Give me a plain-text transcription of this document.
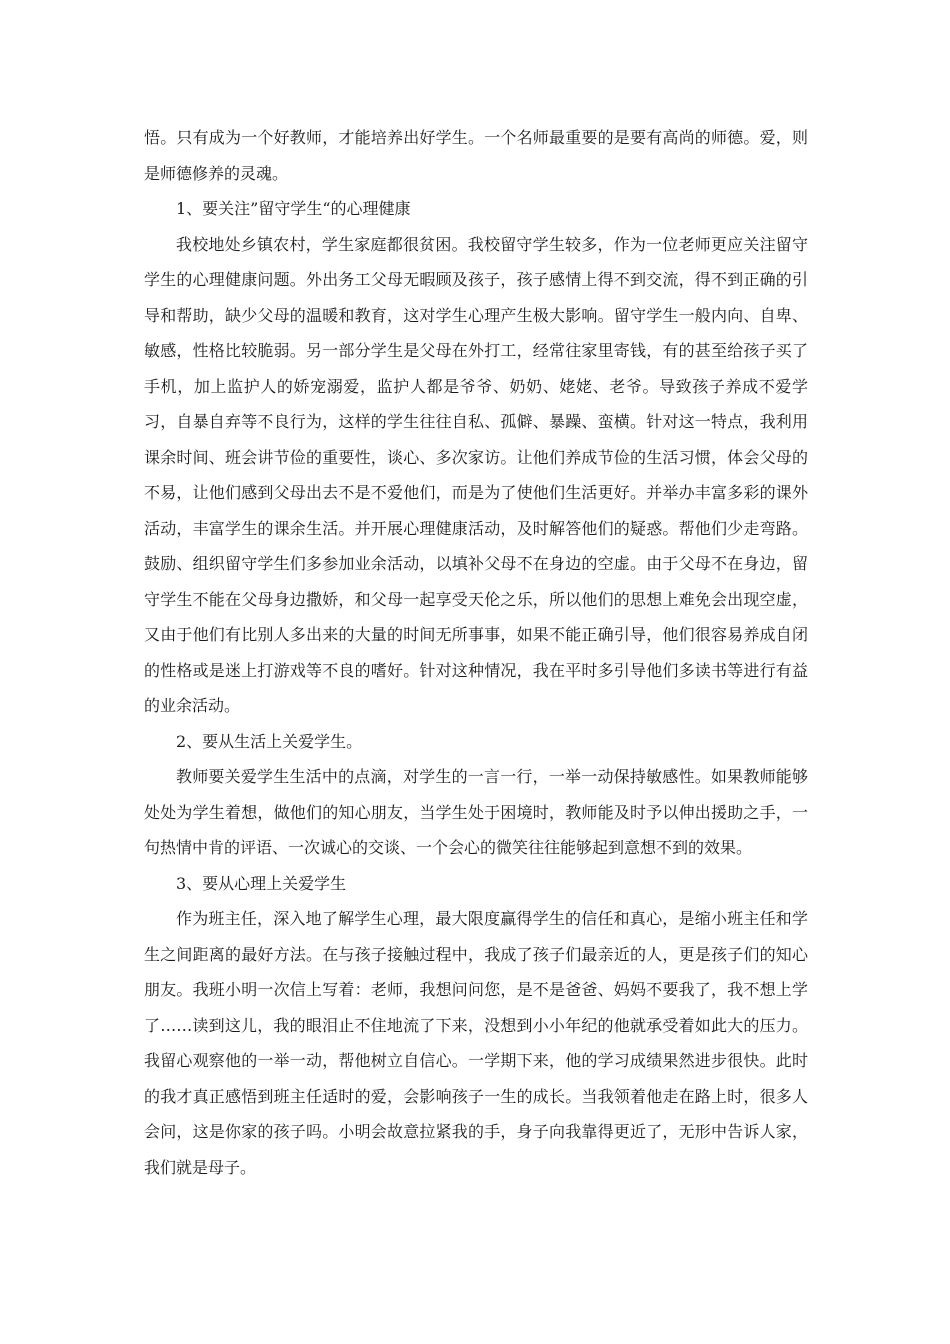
悟。只有成为一个好教师，才能培养出好学生。一个名师最重要的是要有高尚的师德。爱，则是师德修养的灵魂。

1、要关注”留守学生“的心理健康

我校地处乡镇农村，学生家庭都很贫困。我校留守学生较多，作为一位老师更应关注留守学生的心理健康问题。外出务工父母无暇顾及孩子，孩子感情上得不到交流，得不到正确的引导和帮助，缺少父母的温暖和教育，这对学生心理产生极大影响。留守学生一般内向、自卑、敏感，性格比较脆弱。另一部分学生是父母在外打工，经常往家里寄钱，有的甚至给孩子买了手机，加上监护人的娇宠溺爱，监护人都是爷爷、奶奶、姥姥、老爷。导致孩子养成不爱学习，自暴自弃等不良行为，这样的学生往往自私、孤僻、暴躁、蛮横。针对这一特点，我利用课余时间、班会讲节俭的重要性，谈心、多次家访。让他们养成节俭的生活习惯，体会父母的不易，让他们感到父母出去不是不爱他们，而是为了使他们生活更好。并举办丰富多彩的课外活动，丰富学生的课余生活。并开展心理健康活动，及时解答他们的疑惑。帮他们少走弯路。鼓励、组织留守学生们多参加业余活动，以填补父母不在身边的空虚。由于父母不在身边，留守学生不能在父母身边撒娇，和父母一起享受天伦之乐，所以他们的思想上难免会出现空虚，又由于他们有比别人多出来的大量的时间无所事事，如果不能正确引导，他们很容易养成自闭的性格或是迷上打游戏等不良的嗜好。针对这种情况，我在平时多引导他们多读书等进行有益的业余活动。

2、要从生活上关爱学生。

教师要关爱学生生活中的点滴，对学生的一言一行，一举一动保持敏感性。如果教师能够处处为学生着想，做他们的知心朋友，当学生处于困境时，教师能及时予以伸出援助之手，一句热情中肯的评语、一次诚心的交谈、一个会心的微笑往往能够起到意想不到的效果。

3、要从心理上关爱学生

作为班主任，深入地了解学生心理，最大限度赢得学生的信任和真心，是缩小班主任和学生之间距离的最好方法。在与孩子接触过程中，我成了孩子们最亲近的人，更是孩子们的知心朋友。我班小明一次信上写着：老师，我想问问您，是不是爸爸、妈妈不要我了，我不想上学了……读到这儿，我的眼泪止不住地流了下来，没想到小小年纪的他就承受着如此大的压力。我留心观察他的一举一动，帮他树立自信心。一学期下来，他的学习成绩果然进步很快。此时的我才真正感悟到班主任适时的爱，会影响孩子一生的成长。当我领着他走在路上时，很多人会问，这是你家的孩子吗。小明会故意拉紧我的手，身子向我靠得更近了，无形中告诉人家，我们就是母子。
